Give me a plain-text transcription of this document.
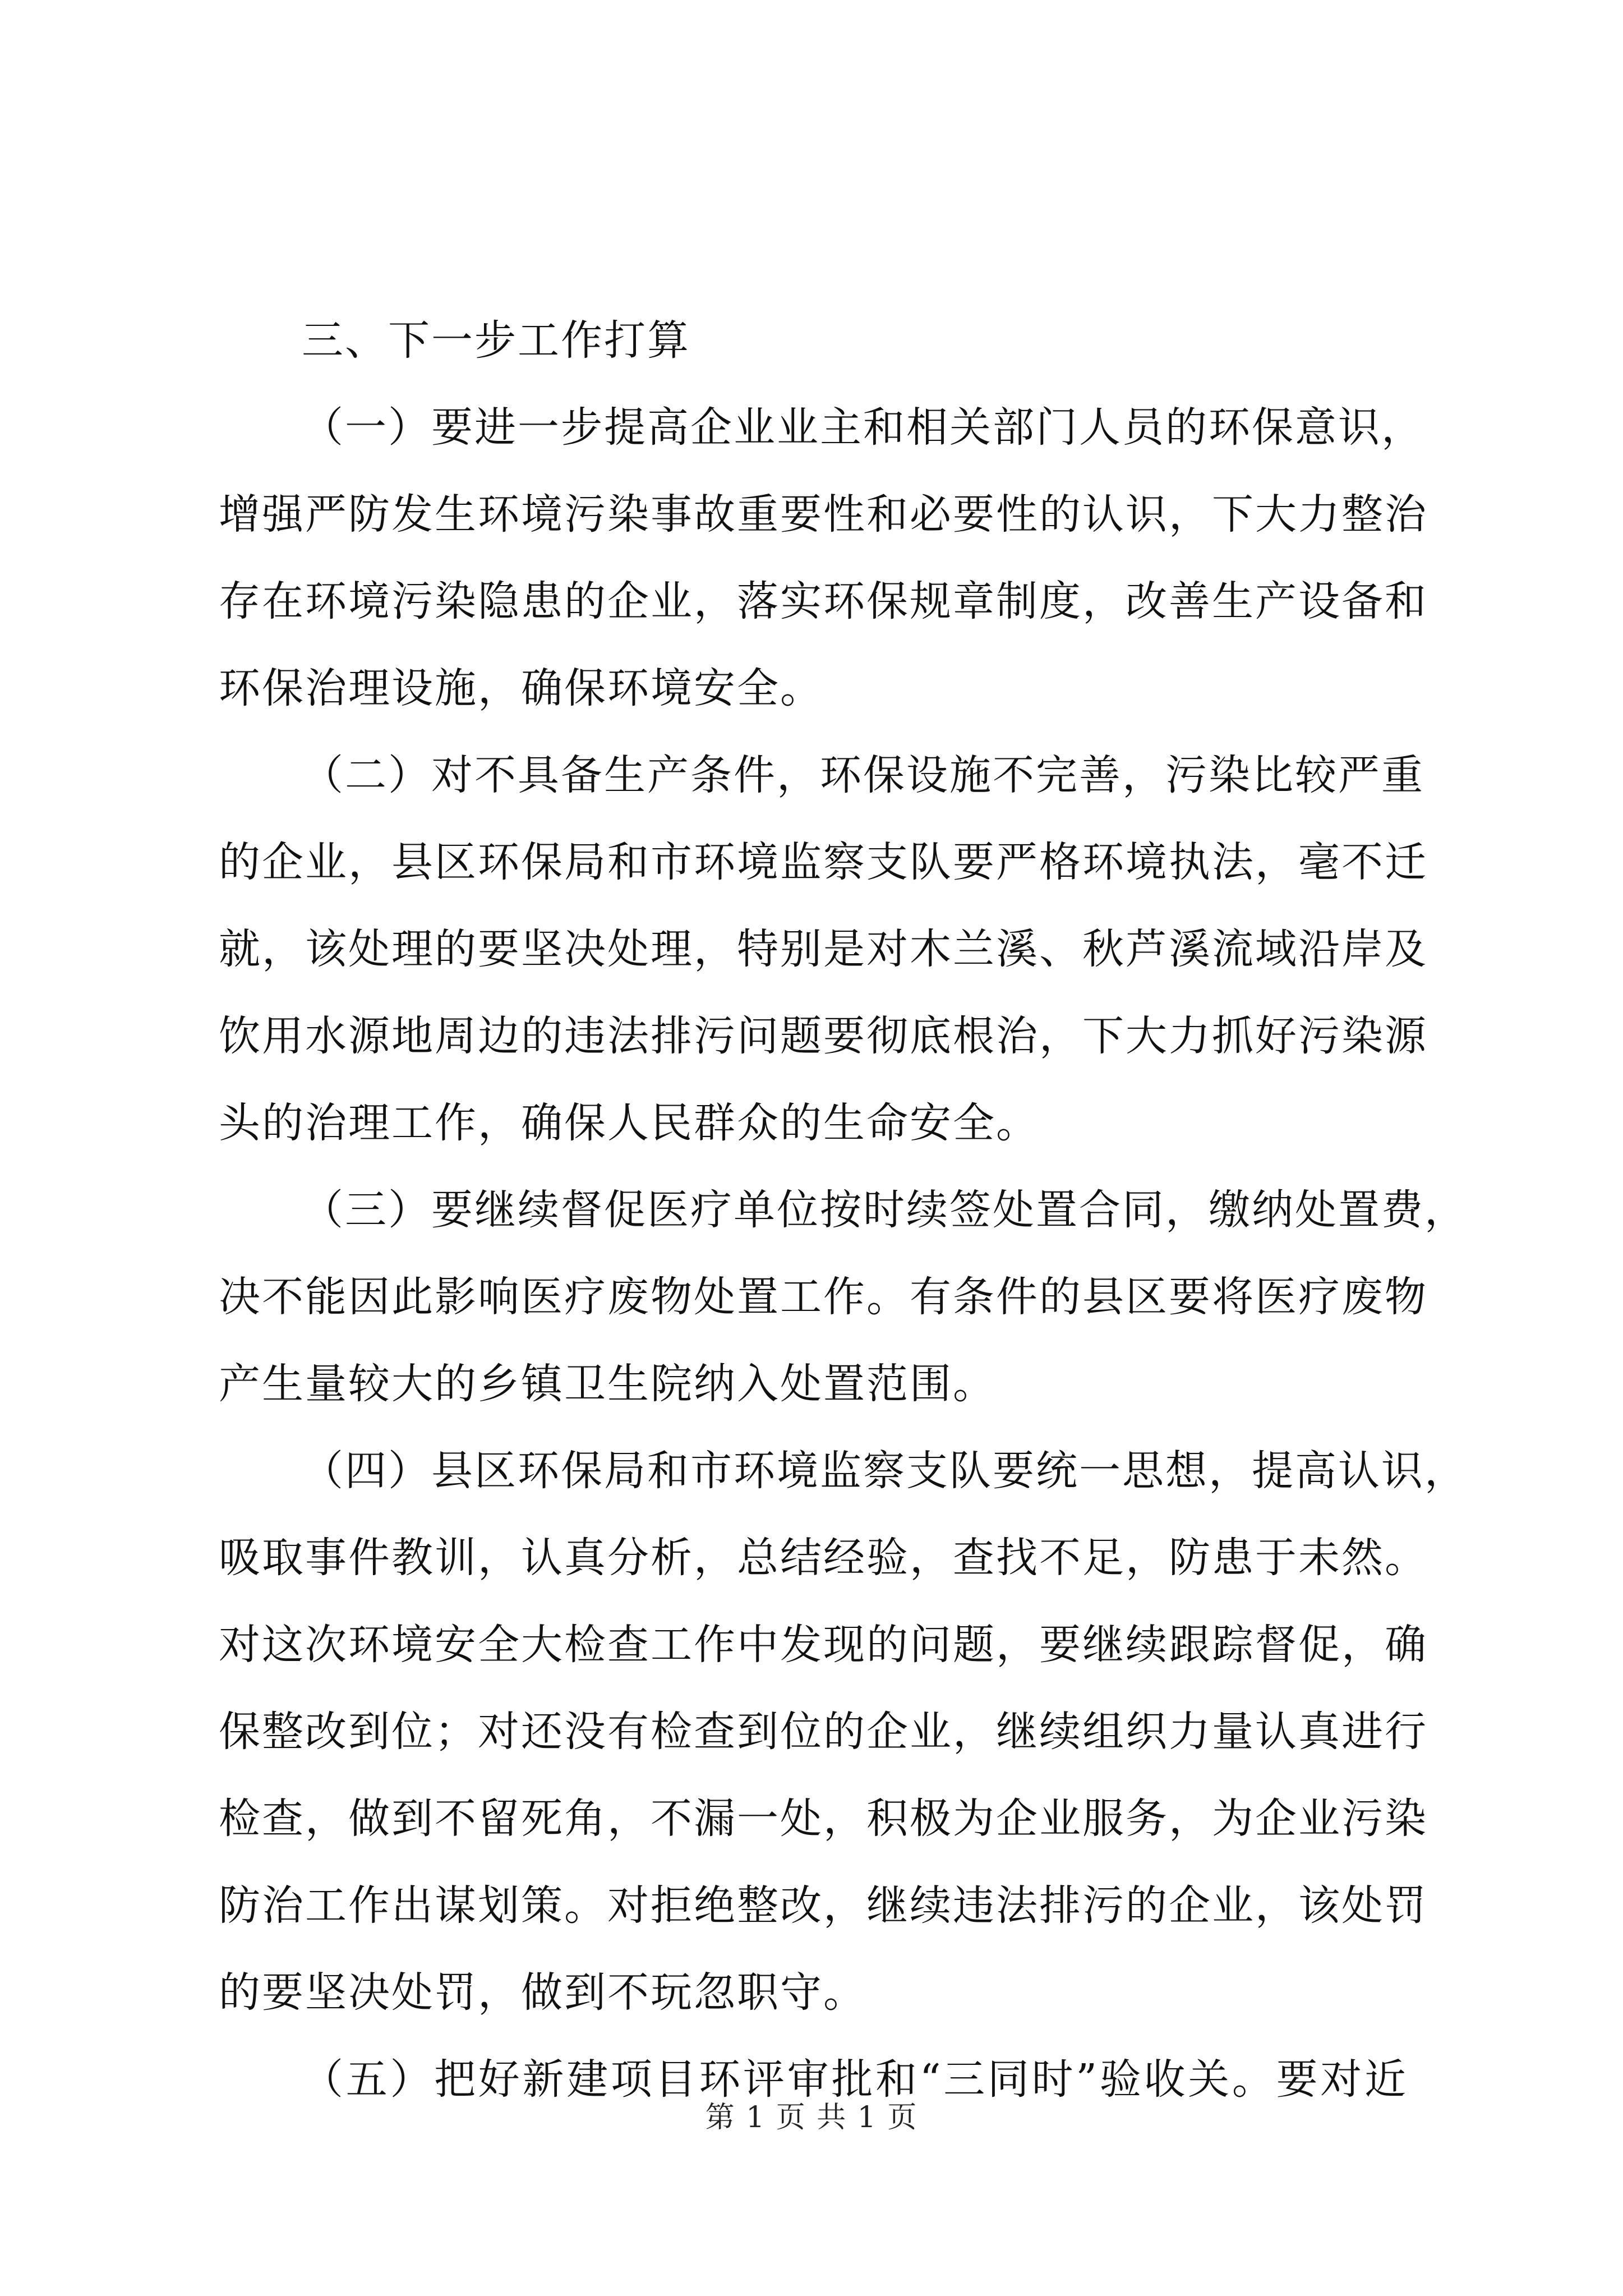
三、下一步工作打算
（一）要进一步提高企业业主和相关部门人员的环保意识，
增强严防发生环境污染事故重要性和必要性的认识，下大力整治
存在环境污染隐患的企业，落实环保规章制度，改善生产设备和
环保治理设施，确保环境安全。
（二）对不具备生产条件，环保设施不完善，污染比较严重
的企业，县区环保局和市环境监察支队要严格环境执法，毫不迁
就，该处理的要坚决处理，特别是对木兰溪、秋芦溪流域沿岸及
饮用水源地周边的违法排污问题要彻底根治，下大力抓好污染源
头的治理工作，确保人民群众的生命安全。
（三）要继续督促医疗单位按时续签处置合同，缴纳处置费，
决不能因此影响医疗废物处置工作。有条件的县区要将医疗废物
产生量较大的乡镇卫生院纳入处置范围。
（四）县区环保局和市环境监察支队要统一思想，提高认识，
吸取事件教训，认真分析，总结经验，查找不足，防患于未然。
对这次环境安全大检查工作中发现的问题，要继续跟踪督促，确
保整改到位；对还没有检查到位的企业，继续组织力量认真进行
检查，做到不留死角，不漏一处，积极为企业服务，为企业污染
防治工作出谋划策。对拒绝整改，继续违法排污的企业，该处罚
的要坚决处罚，做到不玩忽职守。
（五）把好新建项目环评审批和“三同时”验收关。要对近
第 1 页 共 1 页
